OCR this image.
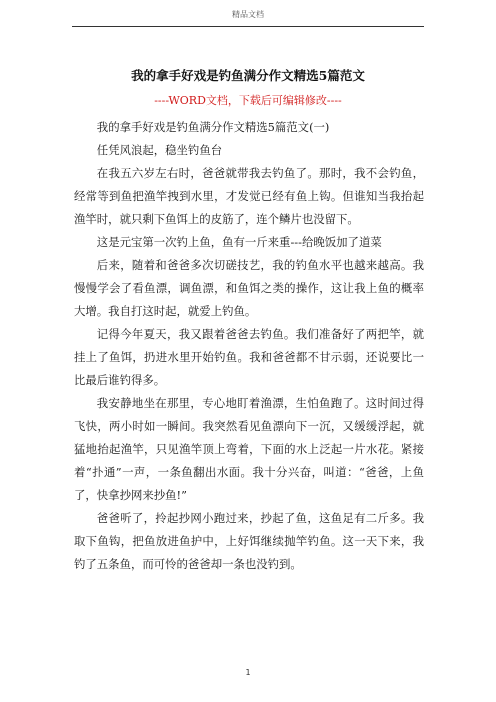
精品文档
我的拿手好戏是钓鱼满分作文精选5篇范文
----WORD文档，下载后可编辑修改----

我的拿手好戏是钓鱼满分作文精选5篇范文(一)

任凭风浪起，稳坐钓鱼台

在我五六岁左右时，爸爸就带我去钓鱼了。那时，我不会钓鱼，经常等到鱼把渔竿拽到水里，才发觉已经有鱼上钩。但谁知当我抬起渔竿时，就只剩下鱼饵上的皮筋了，连个鳞片也没留下。

这是元宝第一次钓上鱼，鱼有一斤来重---给晚饭加了道菜

后来，随着和爸爸多次切磋技艺，我的钓鱼水平也越来越高。我慢慢学会了看鱼漂，调鱼漂，和鱼饵之类的操作，这让我上鱼的概率大增。我自打这时起，就爱上钓鱼。

记得今年夏天，我又跟着爸爸去钓鱼。我们准备好了两把竿，就挂上了鱼饵，扔进水里开始钓鱼。我和爸爸都不甘示弱，还说要比一比最后谁钓得多。

我安静地坐在那里，专心地盯着渔漂，生怕鱼跑了。这时间过得飞快，两小时如一瞬间。我突然看见鱼漂向下一沉，又缓缓浮起，就猛地抬起渔竿，只见渔竿顶上弯着，下面的水上泛起一片水花。紧接着“扑通”一声，一条鱼翻出水面。我十分兴奋，叫道：“爸爸，上鱼了，快拿抄网来抄鱼!”

爸爸听了，拎起抄网小跑过来，抄起了鱼，这鱼足有二斤多。我取下鱼钩，把鱼放进鱼护中，上好饵继续抛竿钓鱼。这一天下来，我钓了五条鱼，而可怜的爸爸却一条也没钓到。

1
